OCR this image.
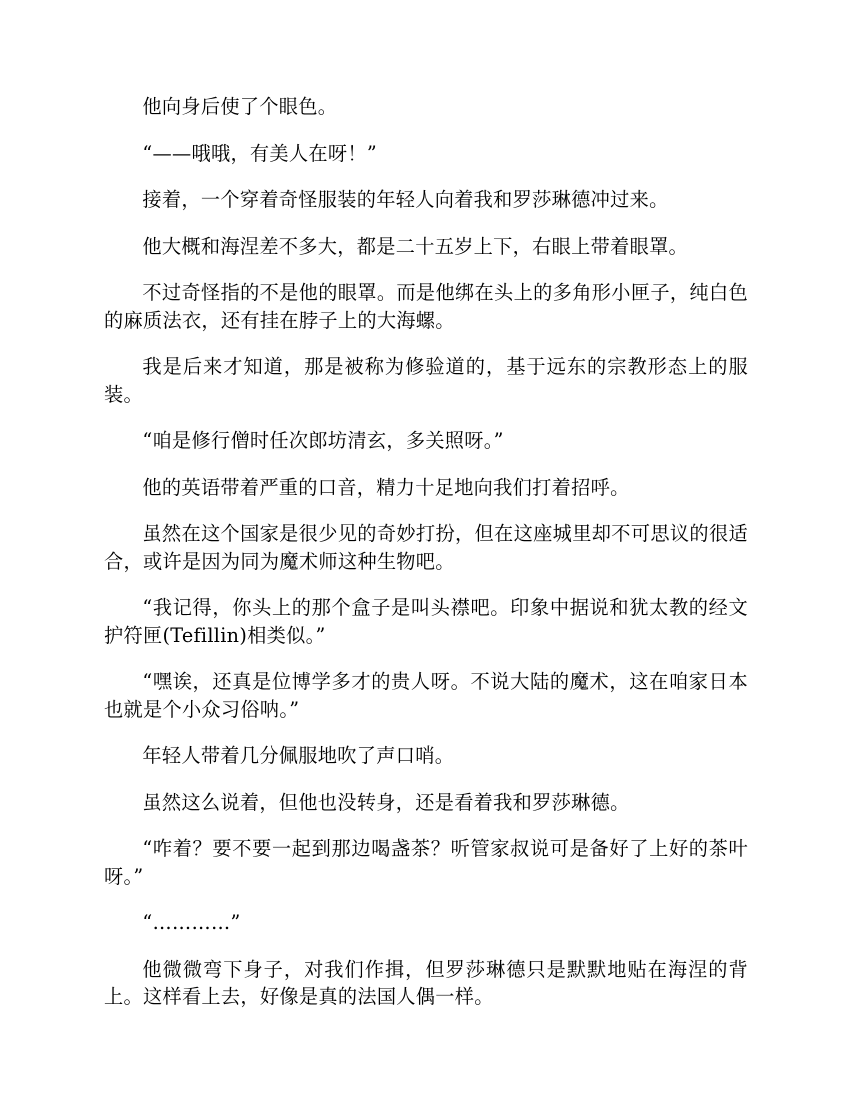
他向身后使了个眼色。

“——哦哦，有美人在呀！”

接着，一个穿着奇怪服装的年轻人向着我和罗莎琳德冲过来。

他大概和海涅差不多大，都是二十五岁上下，右眼上带着眼罩。

不过奇怪指的不是他的眼罩。而是他绑在头上的多角形小匣子，纯白色的麻质法衣，还有挂在脖子上的大海螺。

我是后来才知道，那是被称为修验道的，基于远东的宗教形态上的服装。

“咱是修行僧时任次郎坊清玄，多关照呀。”

他的英语带着严重的口音，精力十足地向我们打着招呼。

虽然在这个国家是很少见的奇妙打扮，但在这座城里却不可思议的很适合，或许是因为同为魔术师这种生物吧。

“我记得，你头上的那个盒子是叫头襟吧。印象中据说和犹太教的经文护符匣(Tefillin)相类似。”

“嘿诶，还真是位博学多才的贵人呀。不说大陆的魔术，这在咱家日本也就是个小众习俗呐。”

年轻人带着几分佩服地吹了声口哨。

虽然这么说着，但他也没转身，还是看着我和罗莎琳德。

“咋着？要不要一起到那边喝盏茶？听管家叔说可是备好了上好的茶叶呀。”

“…………”

他微微弯下身子，对我们作揖，但罗莎琳德只是默默地贴在海涅的背上。这样看上去，好像是真的法国人偶一样。
